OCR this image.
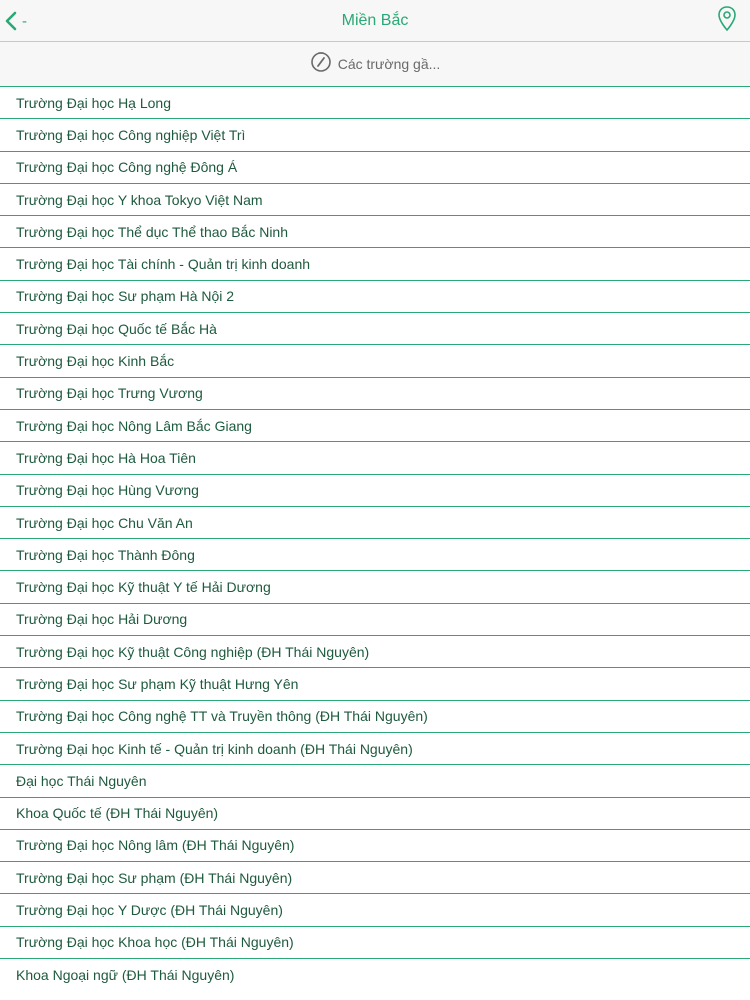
-	Miền Bắc
Các trường gầ...
Trường Đại học Hạ Long
Trường Đại học Công nghiệp Việt Trì
Trường Đại học Công nghệ Đông Á
Trường Đại học Y khoa Tokyo Việt Nam
Trường Đại học Thể dục Thể thao Bắc Ninh
Trường Đại học Tài chính - Quản trị kinh doanh
Trường Đại học Sư phạm Hà Nội 2
Trường Đại học Quốc tế Bắc Hà
Trường Đại học Kinh Bắc
Trường Đại học Trưng Vương
Trường Đại học Nông Lâm Bắc Giang
Trường Đại học Hà Hoa Tiên
Trường Đại học Hùng Vương
Trường Đại học Chu Văn An
Trường Đại học Thành Đông
Trường Đại học Kỹ thuật Y tế Hải Dương
Trường Đại học Hải Dương
Trường Đại học Kỹ thuật Công nghiệp (ĐH Thái Nguyên)
Trường Đại học Sư phạm Kỹ thuật Hưng Yên
Trường Đại học Công nghệ TT và Truyền thông (ĐH Thái Nguyên)
Trường Đại học Kinh tế - Quản trị kinh doanh (ĐH Thái Nguyên)
Đại học Thái Nguyên
Khoa Quốc tế (ĐH Thái Nguyên)
Trường Đại học Nông lâm (ĐH Thái Nguyên)
Trường Đại học Sư phạm (ĐH Thái Nguyên)
Trường Đại học Y Dược (ĐH Thái Nguyên)
Trường Đại học Khoa học (ĐH Thái Nguyên)
Khoa Ngoại ngữ (ĐH Thái Nguyên)
